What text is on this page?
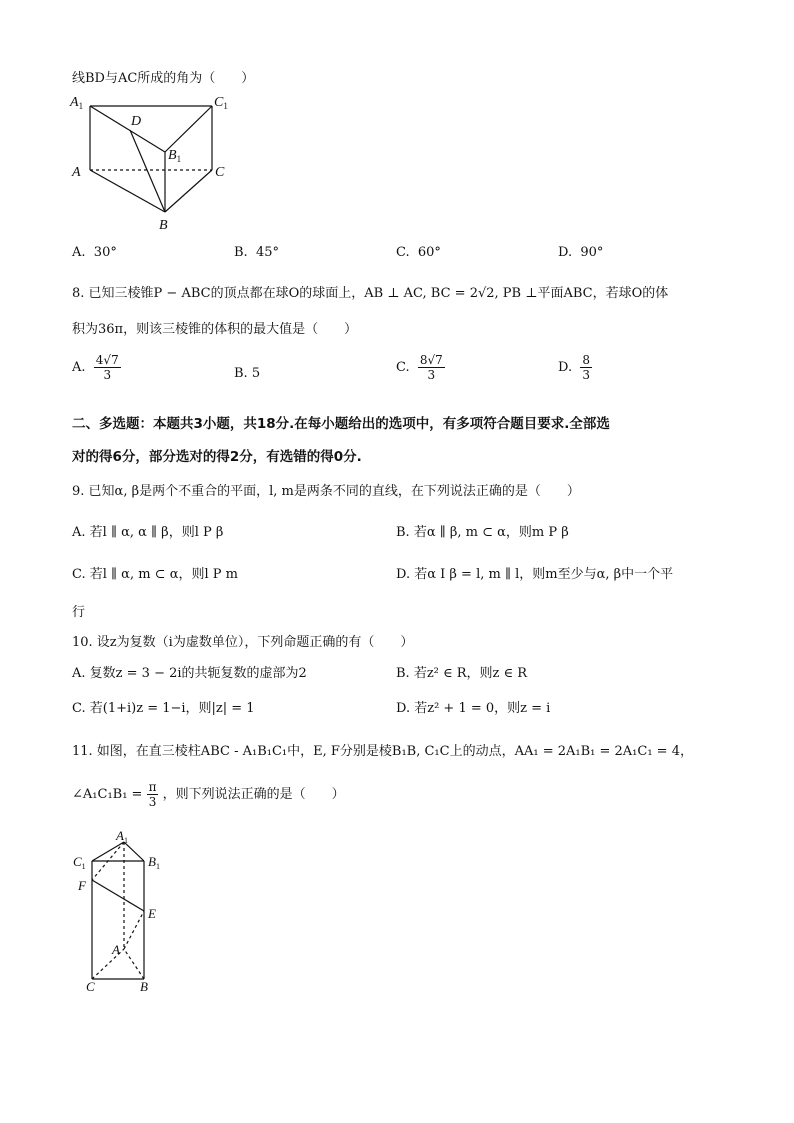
线BD与AC所成的角为（　　）
$A_1$	$C_1$
D
$B_1$
A	C
B
A. 30°	B. 45°	C. 60°	D. 90°
8. 已知三棱锥P − ABC的顶点都在球O的球面上，AB ⊥ AC, BC = 2√2, PB ⊥平面ABC，若球O的体
积为36π，则该三棱锥的体积的最大值是（　　）
A. $\frac{4√7}{3}$	B. 5	C. $\frac{8√7}{3}$	D. $\frac{8}{3}$
二、多选题：本题共3小题，共18分.在每小题给出的选项中，有多项符合题目要求.全部选
对的得6分，部分选对的得2分，有选错的得0分.
9. 已知α, β是两个不重合的平面，l, m是两条不同的直线，在下列说法正确的是（　　）
A. 若l ∥ α, α ∥ β，则l P β	B. 若α ∥ β, m ⊂ α，则m P β
C. 若l ∥ α, m ⊂ α，则l P m	D. 若α I β = l, m ∥ l，则m至少与α, β中一个平
行
10. 设z为复数（i为虚数单位），下列命题正确的有（　　）
A. 复数z = 3 − 2i的共轭复数的虚部为2	B. 若z² ∈ R，则z ∈ R
C. 若(1+i)z = 1−i，则|z| = 1	D. 若z² + 1 = 0，则z = i
11. 如图，在直三棱柱ABC - A₁B₁C₁中，E, F分别是棱B₁B, C₁C上的动点，AA₁ = 2A₁B₁ = 2A₁C₁ = 4，
∠A₁C₁B₁ = $\frac{\pi}{3}$ ，则下列说法正确的是（　　）
$A_1$
$C_1$	$B_1$
F
E
A
C	B
